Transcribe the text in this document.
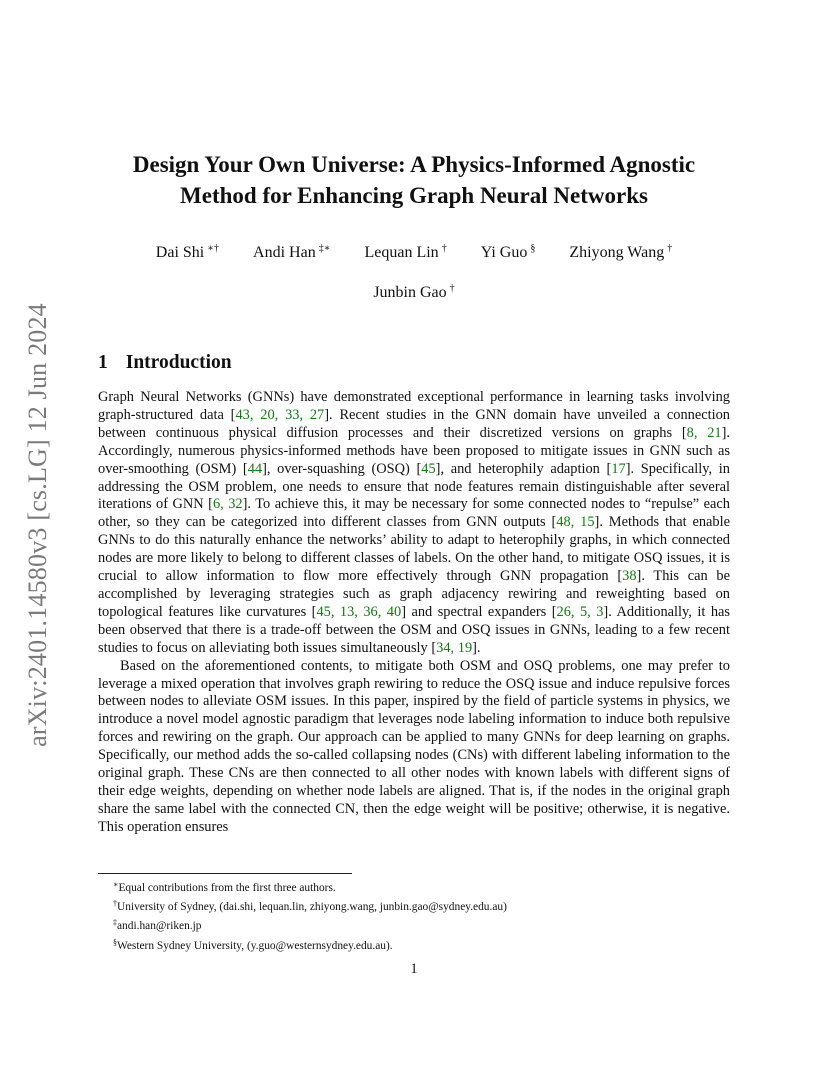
arXiv:2401.14580v3 [cs.LG] 12 Jun 2024
Design Your Own Universe: A Physics-Informed Agnostic
Method for Enhancing Graph Neural Networks
Dai Shi ∗† Andi Han ‡∗ Lequan Lin † Yi Guo § Zhiyong Wang †
Junbin Gao †
1 Introduction

Graph Neural Networks (GNNs) have demonstrated exceptional performance in learning tasks involving graph-structured data [43, 20, 33, 27]. Recent studies in the GNN domain have unveiled a connection between continuous physical diffusion processes and their discretized versions on graphs [8, 21]. Accordingly, numerous physics-informed methods have been proposed to mitigate issues in GNN such as over-smoothing (OSM) [44], over-squashing (OSQ) [45], and heterophily adaption [17]. Specifically, in addressing the OSM problem, one needs to ensure that node features remain distinguishable after several iterations of GNN [6, 32]. To achieve this, it may be necessary for some connected nodes to “repulse” each other, so they can be categorized into different classes from GNN outputs [48, 15]. Methods that enable GNNs to do this naturally enhance the networks’ ability to adapt to heterophily graphs, in which connected nodes are more likely to belong to different classes of labels. On the other hand, to mitigate OSQ issues, it is crucial to allow information to flow more effectively through GNN propagation [38]. This can be accomplished by leveraging strategies such as graph adjacency rewiring and reweighting based on topological features like curvatures [45, 13, 36, 40] and spectral expanders [26, 5, 3]. Additionally, it has been observed that there is a trade-off between the OSM and OSQ issues in GNNs, leading to a few recent studies to focus on alleviating both issues simultaneously [34, 19].

Based on the aforementioned contents, to mitigate both OSM and OSQ problems, one may prefer to leverage a mixed operation that involves graph rewiring to reduce the OSQ issue and induce repulsive forces between nodes to alleviate OSM issues. In this paper, inspired by the field of particle systems in physics, we introduce a novel model agnostic paradigm that leverages node labeling information to induce both repulsive forces and rewiring on the graph. Our approach can be applied to many GNNs for deep learning on graphs. Specifically, our method adds the so-called collapsing nodes (CNs) with different labeling information to the original graph. These CNs are then connected to all other nodes with known labels with different signs of their edge weights, depending on whether node labels are aligned. That is, if the nodes in the original graph share the same label with the connected CN, then the edge weight will be positive; otherwise, it is negative. This operation ensures

∗Equal contributions from the first three authors.
†University of Sydney, (dai.shi, lequan.lin, zhiyong.wang, junbin.gao@sydney.edu.au)
‡andi.han@riken.jp
§Western Sydney University, (y.guo@westernsydney.edu.au).
1
